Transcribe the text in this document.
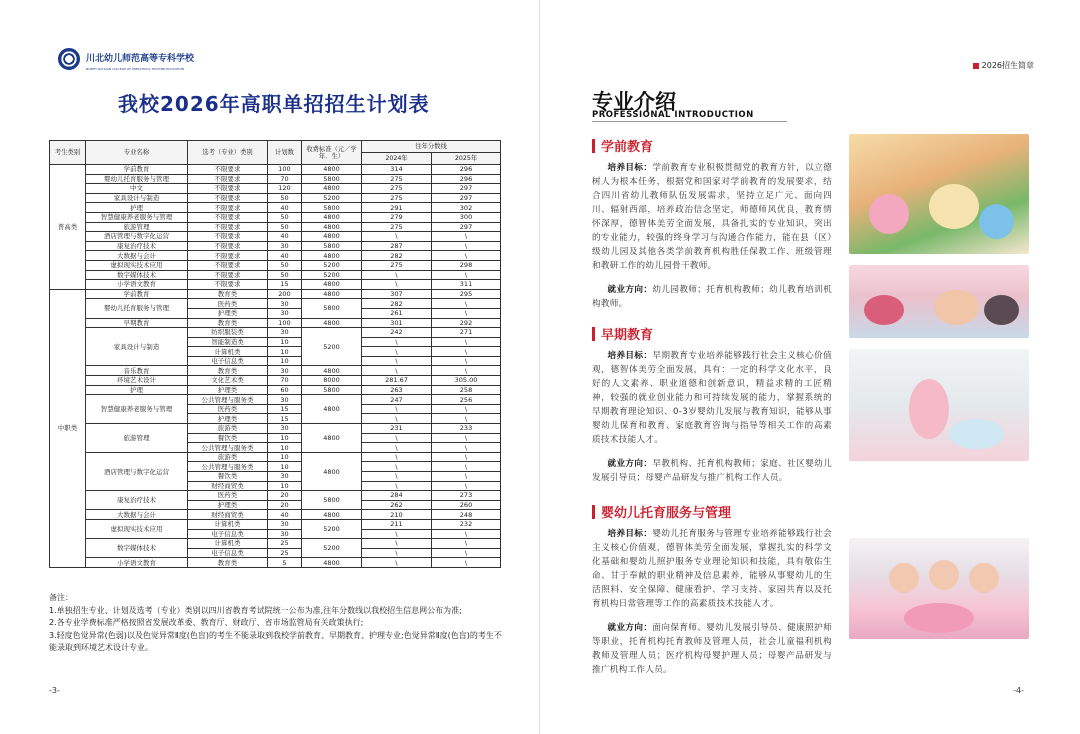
川北幼儿师范高等专科学校
NORTH SICHUAN COLLEGE OF PRESCHOOL TEACHER EDUCATION
我校2026年高职单招招生计划表
考生类别	专业名称	选考（专业）类别	计划数	收费标准（元／学年．生）	往年分数线	
					2024年	2025年
普高类	学前教育	不限要求	100	4800	314	296
	婴幼儿托育服务与管理	不限要求	70	5800	275	296
	中文	不限要求	120	4800	275	297
	家具设计与制造	不限要求	50	5200	275	297
	护理	不限要求	40	5800	291	302
	智慧健康养老服务与管理	不限要求	50	4800	279	300
	旅游管理	不限要求	50	4800	275	297
	酒店管理与数字化运营	不限要求	40	4800	\	\
	康复治疗技术	不限要求	30	5800	287	\
	大数据与会计	不限要求	40	4800	282	\
	虚拟现实技术应用	不限要求	50	5200	275	298
	数字媒体技术	不限要求	50	5200	\	\
	小学语文教育	不限要求	15	4800	\	311
中职类	学前教育	教育类	200	4800	307	295
	婴幼儿托育服务与管理	医药类	30	5800	282	\
		护理类	30		261	\
	早期教育	教育类	100	4800	301	292
	家具设计与制造	纺织服装类	30	5200	242	271
		智能制造类	10		\	\
		计算机类	10		\	\
		电子信息类	10		\	\
	音乐教育	教育类	30	4800	\	\
	环境艺术设计	文化艺术类	70	8000	281.67	305.00
	护理	护理类	60	5800	263	258
	智慧健康养老服务与管理	公共管理与服务类	30	4800	247	256
		医药类	15		\	\
		护理类	15		\	\
	旅游管理	旅游类	30	4800	231	233
		餐饮类	10		\	\
		公共管理与服务类	10		\	\
	酒店管理与数字化运营	旅游类	10	4800	\	\
		公共管理与服务类	10		\	\
		餐饮类	30		\	\
		财经商贸类	10		\	\
	康复治疗技术	医药类	20	5800	284	273
		护理类	20		262	260
	大数据与会计	财经商贸类	40	4800	210	248
	虚拟现实技术应用	计算机类	30	5200	211	232
		电子信息类	30		\	\
	数字媒体技术	计算机类	25	5200	\	\
		电子信息类	25		\	\
	小学语文教育	教育类	5	4800	\	\
备注：
1.单独招生专业、计划及选考（专业）类别以四川省教育考试院统一公布为准,往年分数线以我校招生信息网公布为准;
2.各专业学费标准严格按照省发展改革委、教育厅、财政厅、省市场监管局有关政策执行;
3.轻度色觉异常(色弱)以及色觉异常Ⅱ度(色盲)的考生不能录取到我校学前教育、早期教育、护理专业;色觉异常Ⅱ度(色盲)的考生不能录取到环境艺术设计专业。
-3-
2026招生简章
专业介绍
PROFESSIONAL INTRODUCTION
学前教育

培养目标：学前教育专业积极贯彻党的教育方针，以立德树人为根本任务，根据党和国家对学前教育的发展要求，结合四川省幼儿教师队伍发展需求，坚持立足广元、面向四川、辐射西部，培养政治信念坚定，师德师风优良，教育情怀深厚，德智体美劳全面发展，具备扎实的专业知识，突出的专业能力，较强的终身学习与沟通合作能力，能在县（区）级幼儿园及其他各类学前教育机构胜任保教工作、班级管理和教研工作的幼儿园骨干教师。

就业方向：幼儿园教师；托育机构教师；幼儿教育培训机构教师。

早期教育

培养目标：早期教育专业培养能够践行社会主义核心价值观，德智体美劳全面发展，具有：一定的科学文化水平，良好的人文素养、职业道德和创新意识，精益求精的工匠精神，较强的就业创业能力和可持续发展的能力，掌握系统的早期教育理论知识、0-3岁婴幼儿发展与教育知识，能够从事婴幼儿保育和教育、家庭教育咨询与指导等相关工作的高素质技术技能人才。

就业方向：早教机构、托育机构教师；家庭、社区婴幼儿发展引导员；母婴产品研发与推广机构工作人员。

婴幼儿托育服务与管理

培养目标：婴幼儿托育服务与管理专业培养能够践行社会主义核心价值观，德智体美劳全面发展，掌握扎实的科学文化基础和婴幼儿照护服务专业理论知识和技能，具有敬佑生命、甘于奉献的职业精神及信息素养，能够从事婴幼儿的生活照料、安全保障、健康看护、学习支持、家园共育以及托育机构日常管理等工作的高素质技术技能人才。

就业方向：面向保育师、婴幼儿发展引导员、健康照护师等职业，托育机构托育教师及管理人员，社会儿童福利机构教师及管理人员；医疗机构母婴护理人员；母婴产品研发与推广机构工作人员。

-4-
